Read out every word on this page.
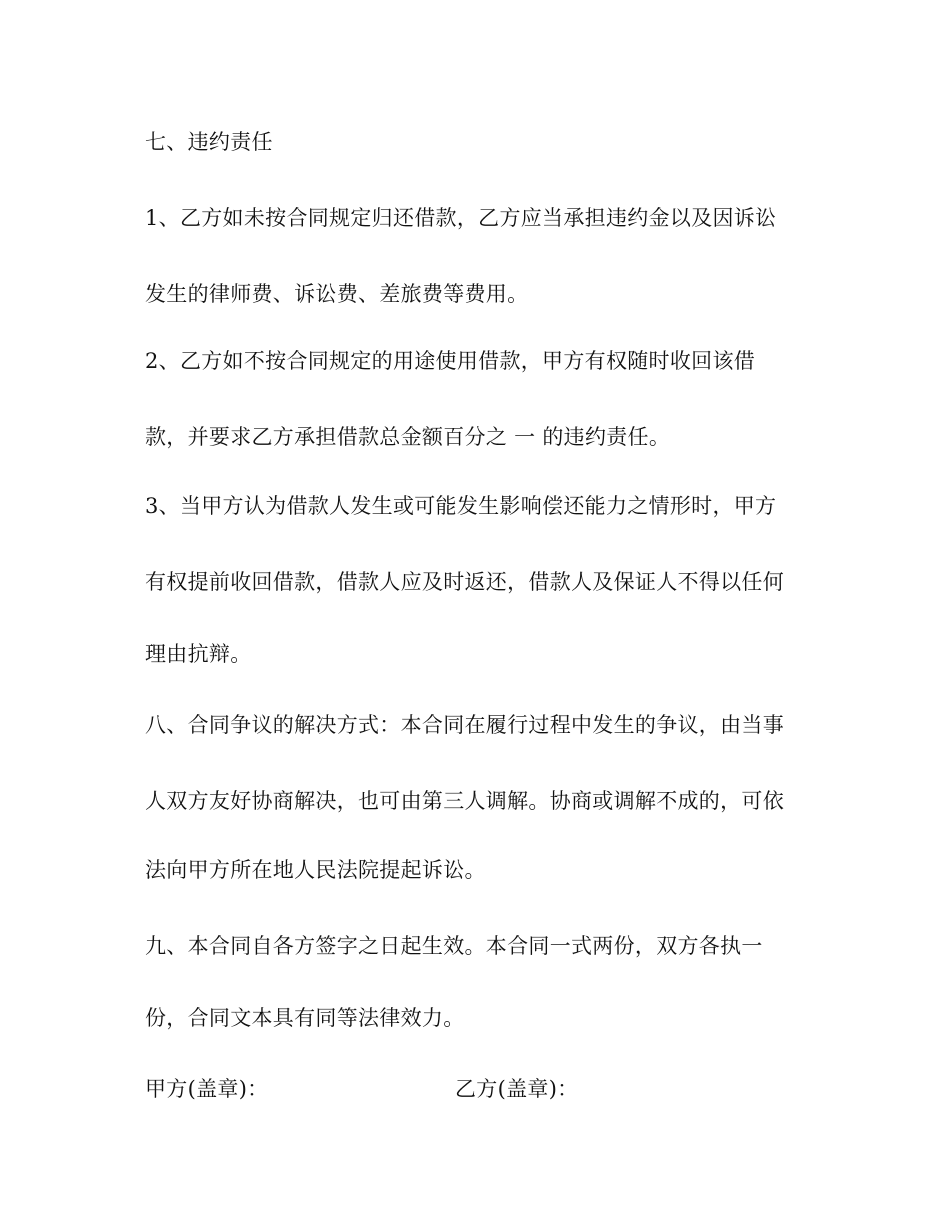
七、违约责任
1、乙方如未按合同规定归还借款，乙方应当承担违约金以及因诉讼
发生的律师费、诉讼费、差旅费等费用。
2、乙方如不按合同规定的用途使用借款，甲方有权随时收回该借
款，并要求乙方承担借款总金额百分之 一 的违约责任。
3、当甲方认为借款人发生或可能发生影响偿还能力之情形时，甲方
有权提前收回借款，借款人应及时返还，借款人及保证人不得以任何
理由抗辩。
八、合同争议的解决方式：本合同在履行过程中发生的争议，由当事
人双方友好协商解决，也可由第三人调解。协商或调解不成的，可依
法向甲方所在地人民法院提起诉讼。
九、本合同自各方签字之日起生效。本合同一式两份，双方各执一
份，合同文本具有同等法律效力。
甲方(盖章)：	乙方(盖章)：
